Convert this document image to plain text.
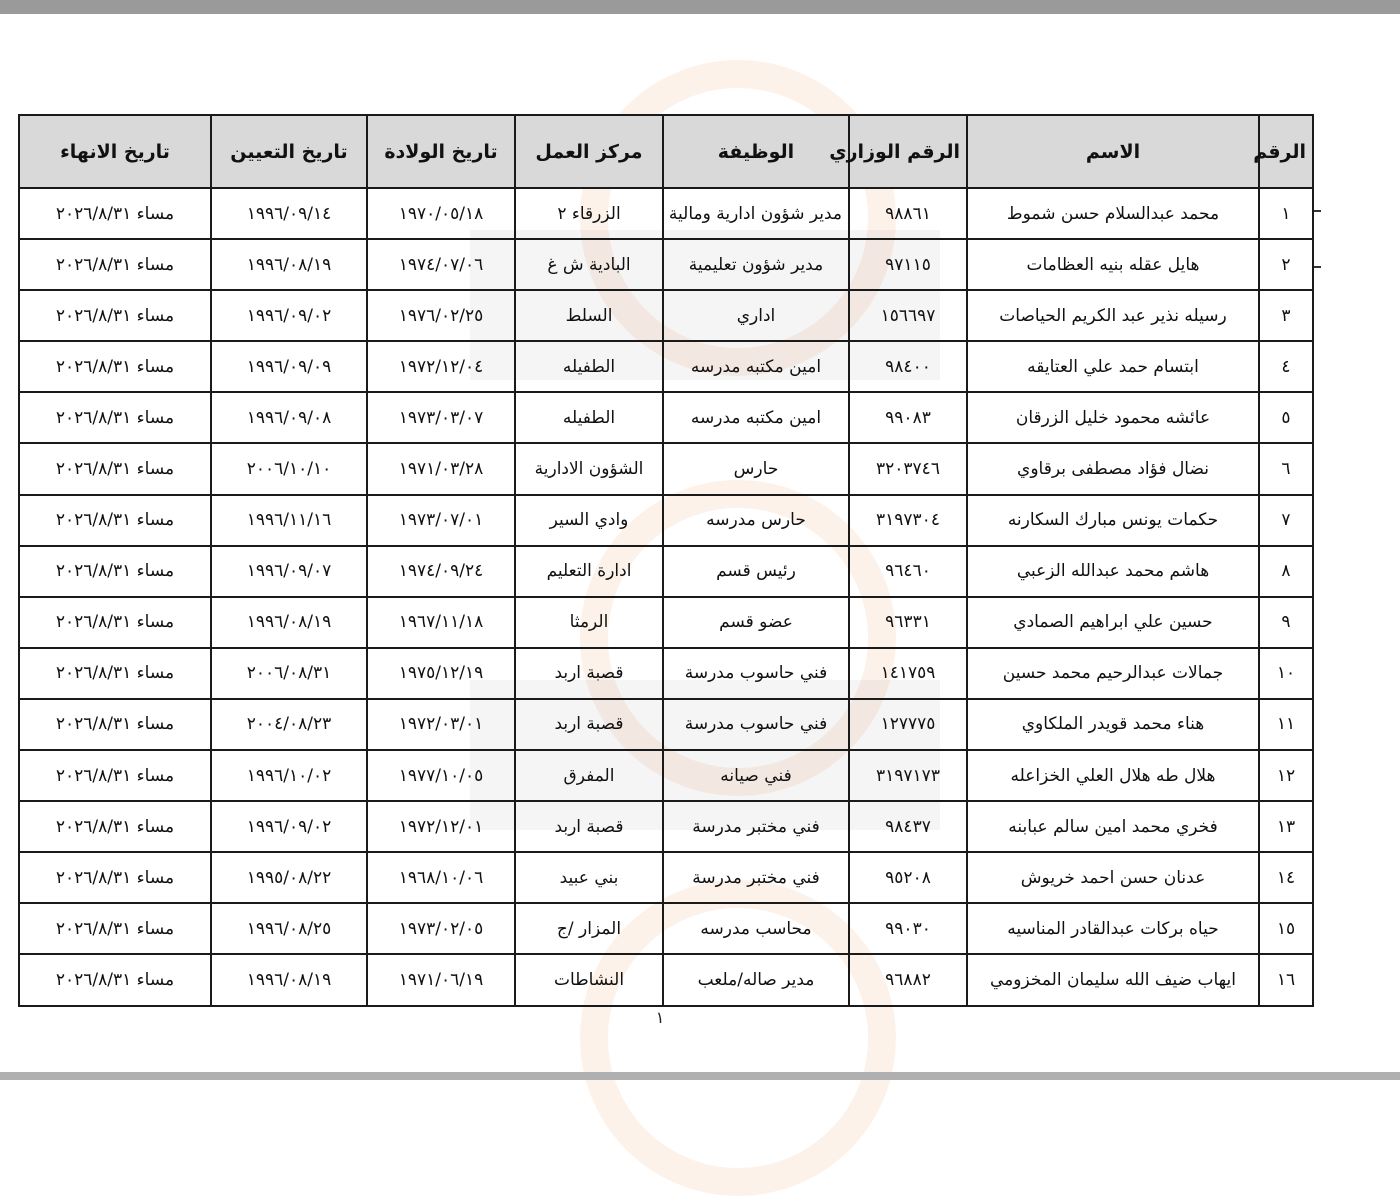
الرقم	الاسم	الرقم الوزاري	الوظيفة	مركز العمل	تاريخ الولادة	تاريخ التعيين	تاريخ الانهاء
١	محمد عبدالسلام حسن شموط	٩٨٨٦١	مدير شؤون ادارية ومالية	الزرقاء ٢	١٩٧٠/٠٥/١٨	١٩٩٦/٠٩/١٤	مساء ٢٠٢٦/٨/٣١
٢	هايل عقله بنيه العظامات	٩٧١١٥	مدير شؤون تعليمية	البادية ش غ	١٩٧٤/٠٧/٠٦	١٩٩٦/٠٨/١٩	مساء ٢٠٢٦/٨/٣١
٣	رسيله نذير عبد الكريم الحياصات	١٥٦٦٩٧	اداري	السلط	١٩٧٦/٠٢/٢٥	١٩٩٦/٠٩/٠٢	مساء ٢٠٢٦/٨/٣١
٤	ابتسام حمد علي العتايقه	٩٨٤٠٠	امين مكتبه مدرسه	الطفيله	١٩٧٢/١٢/٠٤	١٩٩٦/٠٩/٠٩	مساء ٢٠٢٦/٨/٣١
٥	عائشه محمود خليل الزرقان	٩٩٠٨٣	امين مكتبه مدرسه	الطفيله	١٩٧٣/٠٣/٠٧	١٩٩٦/٠٩/٠٨	مساء ٢٠٢٦/٨/٣١
٦	نضال فؤاد مصطفى برقاوي	٣٢٠٣٧٤٦	حارس	الشؤون الادارية	١٩٧١/٠٣/٢٨	٢٠٠٦/١٠/١٠	مساء ٢٠٢٦/٨/٣١
٧	حكمات يونس مبارك السكارنه	٣١٩٧٣٠٤	حارس مدرسه	وادي السير	١٩٧٣/٠٧/٠١	١٩٩٦/١١/١٦	مساء ٢٠٢٦/٨/٣١
٨	هاشم محمد عبدالله الزعبي	٩٦٤٦٠	رئيس قسم	ادارة التعليم	١٩٧٤/٠٩/٢٤	١٩٩٦/٠٩/٠٧	مساء ٢٠٢٦/٨/٣١
٩	حسين علي ابراهيم الصمادي	٩٦٣٣١	عضو قسم	الرمثا	١٩٦٧/١١/١٨	١٩٩٦/٠٨/١٩	مساء ٢٠٢٦/٨/٣١
١٠	جمالات عبدالرحيم محمد حسين	١٤١٧٥٩	فني حاسوب مدرسة	قصبة اربد	١٩٧٥/١٢/١٩	٢٠٠٦/٠٨/٣١	مساء ٢٠٢٦/٨/٣١
١١	هناء محمد قويدر الملكاوي	١٢٧٧٧٥	فني حاسوب مدرسة	قصبة اربد	١٩٧٢/٠٣/٠١	٢٠٠٤/٠٨/٢٣	مساء ٢٠٢٦/٨/٣١
١٢	هلال طه هلال العلي الخزاعله	٣١٩٧١٧٣	فني صيانه	المفرق	١٩٧٧/١٠/٠٥	١٩٩٦/١٠/٠٢	مساء ٢٠٢٦/٨/٣١
١٣	فخري محمد امين سالم عبابنه	٩٨٤٣٧	فني مختبر مدرسة	قصبة اربد	١٩٧٢/١٢/٠١	١٩٩٦/٠٩/٠٢	مساء ٢٠٢٦/٨/٣١
١٤	عدنان حسن احمد خريوش	٩٥٢٠٨	فني مختبر مدرسة	بني عبيد	١٩٦٨/١٠/٠٦	١٩٩٥/٠٨/٢٢	مساء ٢٠٢٦/٨/٣١
١٥	حياه بركات عبدالقادر المناسيه	٩٩٠٣٠	محاسب مدرسه	المزار /ج	١٩٧٣/٠٢/٠٥	١٩٩٦/٠٨/٢٥	مساء ٢٠٢٦/٨/٣١
١٦	ايهاب ضيف الله سليمان المخزومي	٩٦٨٨٢	مدير صاله/ملعب	النشاطات	١٩٧١/٠٦/١٩	١٩٩٦/٠٨/١٩	مساء ٢٠٢٦/٨/٣١
١
